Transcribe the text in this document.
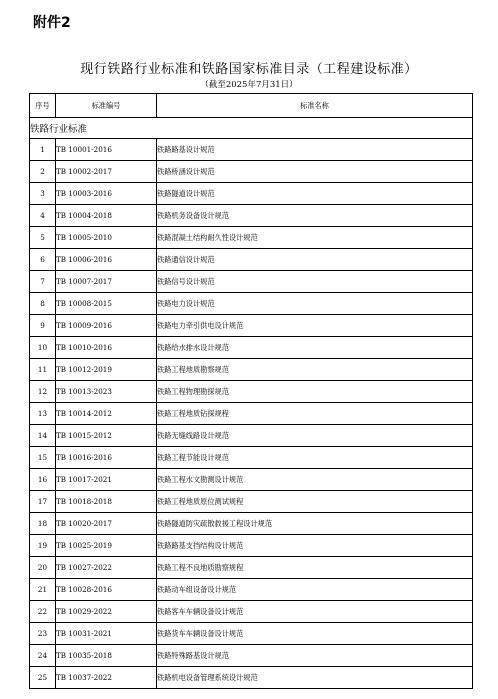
附件2
现行铁路行业标准和铁路国家标准目录（工程建设标准）
（截至2025年7月31日）
序号	标准编号	标准名称
铁路行业标准		
1	TB 10001-2016	铁路路基设计规范
2	TB 10002-2017	铁路桥涵设计规范
3	TB 10003-2016	铁路隧道设计规范
4	TB 10004-2018	铁路机务设备设计规范
5	TB 10005-2010	铁路混凝土结构耐久性设计规范
6	TB 10006-2016	铁路通信设计规范
7	TB 10007-2017	铁路信号设计规范
8	TB 10008-2015	铁路电力设计规范
9	TB 10009-2016	铁路电力牵引供电设计规范
10	TB 10010-2016	铁路给水排水设计规范
11	TB 10012-2019	铁路工程地质勘察规范
12	TB 10013-2023	铁路工程物理勘探规范
13	TB 10014-2012	铁路工程地质钻探规程
14	TB 10015-2012	铁路无缝线路设计规范
15	TB 10016-2016	铁路工程节能设计规范
16	TB 10017-2021	铁路工程水文勘测设计规范
17	TB 10018-2018	铁路工程地质原位测试规程
18	TB 10020-2017	铁路隧道防灾疏散救援工程设计规范
19	TB 10025-2019	铁路路基支挡结构设计规范
20	TB 10027-2022	铁路工程不良地质勘察规程
21	TB 10028-2016	铁路动车组设备设计规范
22	TB 10029-2022	铁路客车车辆设备设计规范
23	TB 10031-2021	铁路货车车辆设备设计规范
24	TB 10035-2018	铁路特殊路基设计规范
25	TB 10037-2022	铁路机电设备管理系统设计规范
